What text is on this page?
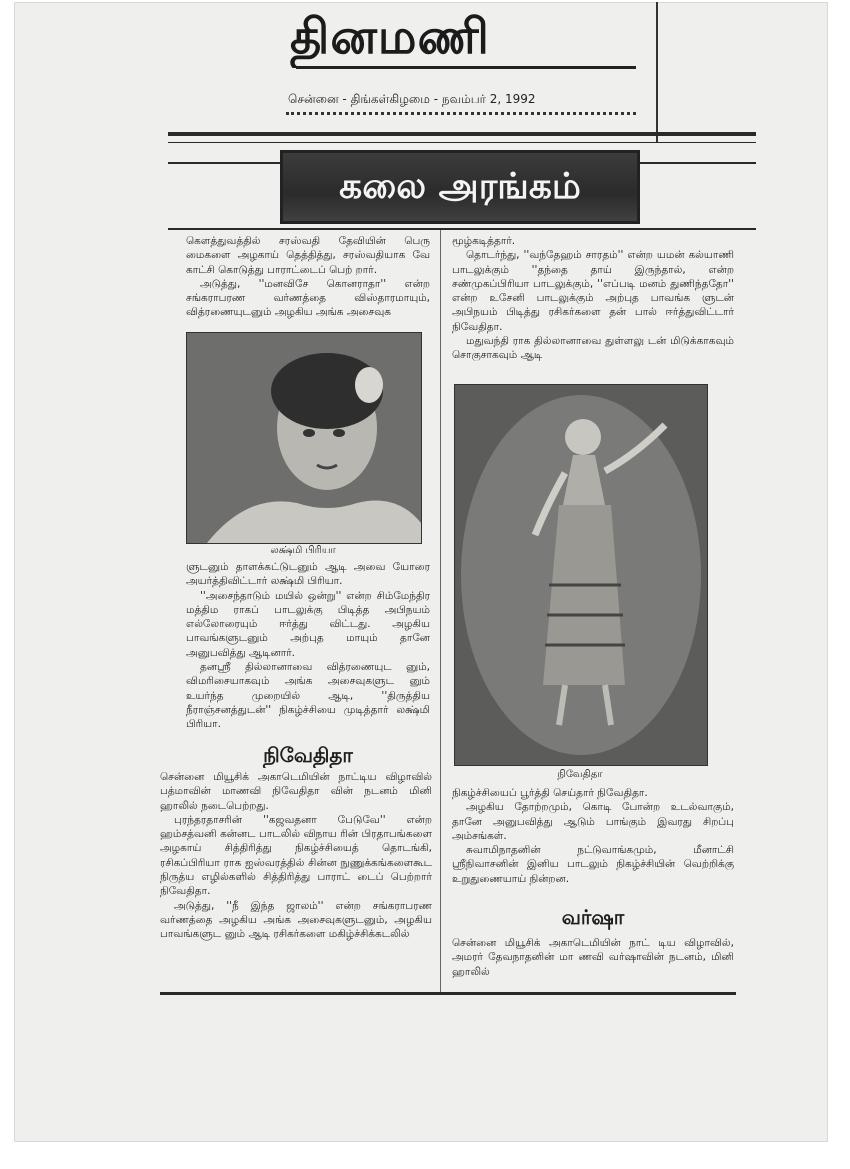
தினமணி
சென்னை - திங்கள்கிழமை - நவம்பர் 2, 1992
கலை அரங்கம்

கௌத்துவத்தில் சரஸ்வதி தேவியின் பெரு மைகளை அழகாய் தெத்தித்து, சரஸ்வதியாக வே காட்சி கொடுத்து பாராட்டைப் பெற் றார்.

அடுத்து, ''மனவிசே கொனராதா'' என்ற சங்கராபரண வர்ணத்தை விஸ்தாரமாயும், வித்ரணையுடனும் அழகிய அங்க அசைவுக

லக்ஷ்மி பிரியா

ளுடனும் தாளக்கட்டுடனும் ஆடி அவை யோரை அயர்த்திவிட்டார் லக்ஷ்மி பிரியா.

''அசைந்தாடும் மயில் ஒன்று'' என்ற சிம்மேந்திர மத்திம ராகப் பாடலுக்கு பிடித்த அபிநயம் எல்லோரையும் ஈர்த்து விட்டது. அழகிய பாவங்களுடனும் அற்புத மாயும் தானே அனுபவித்து ஆடினார்.

தனஸ்ரீ தில்லானாவை வித்ரணையுட னும், விமரிசையாகவும் அங்க அசைவுகளுட னும் உயர்ந்த முறையில் ஆடி, ''திருத்திய நீராஞ்சனத்துடன்'' நிகழ்ச்சியை முடித்தார் லக்ஷ்மி பிரியா.

நிவேதிதா

சென்னை மியூசிக் அகாடெமியின் நாட்டிய விழாவில் பத்மாவின் மாணவி நிவேதிதா வின் நடனம் மினி ஹாலில் நடைபெற்றது.

புரந்தரதாசரின் ''கஜவதனா பேடுவே'' என்ற ஹம்சத்வனி கன்னட பாடலில் விநாய ரின் பிரதாபங்களை அழகாய் சித்திரித்து நிகழ்ச்சியைத் தொடங்கி, ரசிகப்பிரியா ராக ஐஸ்வரத்தில் சின்ன நுணுக்கங்களைகூட நிருத்ய எழில்களில் சித்திரித்து பாராட் டைப் பெற்றார் நிவேதிதா.

அடுத்து, ''நீ இந்த ஜாலம்'' என்ற சங்கராபரண வர்ணத்தை அழகிய அங்க அசைவுகளுடனும், அழகிய பாவங்களுட னும் ஆடி ரசிகர்களை மகிழ்ச்சிக்கடலில்

மூழ்கடித்தார்.

தொடர்ந்து, ''வந்தேஹம் சாரதம்'' என்ற யமன் கல்யாணி பாடலுக்கும் ''தந்தை தாய் இருந்தால், என்ற சண்முகப்பிரியா பாடலுக்கும், ''எப்படி மனம் துணிந்ததோ'' என்ற உசேனி பாடலுக்கும் அற்புத பாவங்க ளுடன் அபிநயம் பிடித்து ரசிகர்களை தன் பால் ஈர்த்துவிட்டார் நிவேதிதா.

மதுவந்தி ராக தில்லானாவை துள்ளலு டன் மிடுக்காகவும் சொகுசாகவும் ஆடி

நிவேதிதா

நிகழ்ச்சியைப் பூர்த்தி செய்தார் நிவேதிதா.

அழகிய தோற்றமும், கொடி போன்ற உடல்வாகும், தானே அனுபவித்து ஆடும் பாங்கும் இவரது சிறப்பு அம்சங்கள்.

சுவாமிநாதனின் நட்டுவாங்கமும், மீனாட்சி ஸ்ரீநிவாசனின் இனிய பாடலும் நிகழ்ச்சியின் வெற்றிக்கு உறுதுணையாய் நின்றன.

வர்ஷா

சென்னை மியூசிக் அகாடெமியின் நாட் டிய விழாவில், அமரர் தேவநாதனின் மா ணவி வர்ஷாவின் நடனம், மினி ஹாலில்
